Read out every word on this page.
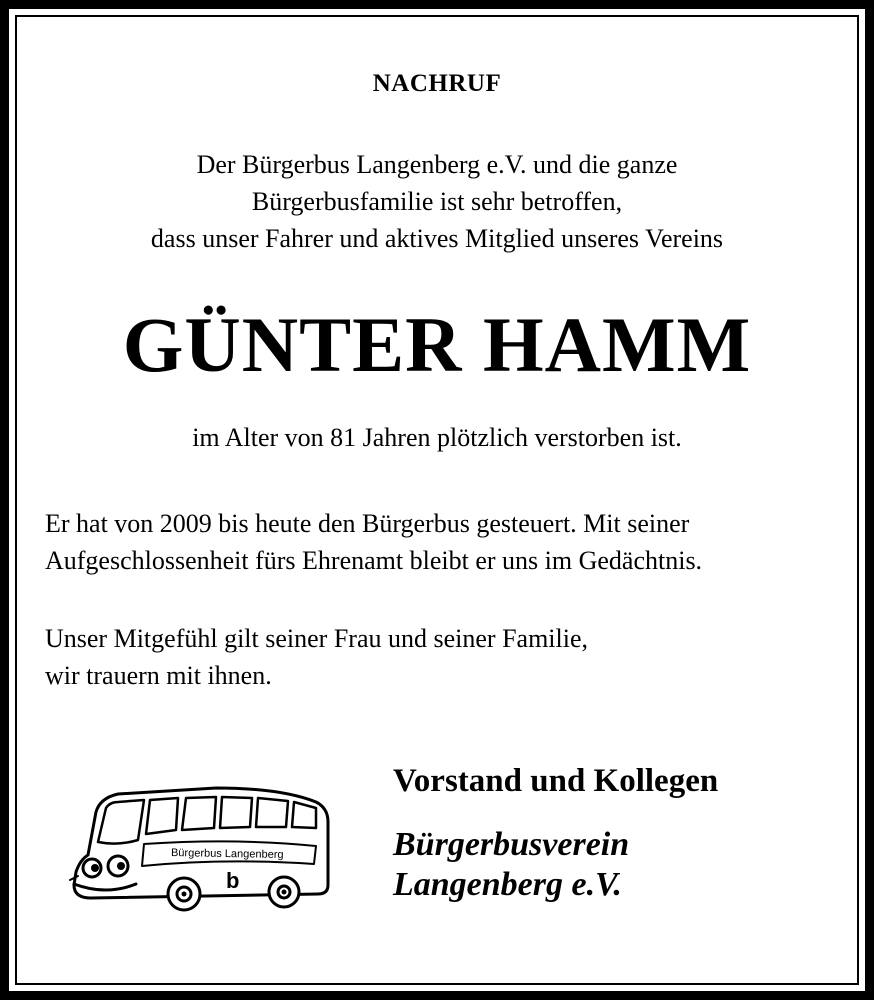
NACHRUF
Der Bürgerbus Langenberg e.V. und die ganze
Bürgerbusfamilie ist sehr betroffen,
dass unser Fahrer und aktives Mitglied unseres Vereins
GÜNTER HAMM
im Alter von 81 Jahren plötzlich verstorben ist.
Er hat von 2009 bis heute den Bürgerbus gesteuert. Mit seiner
Aufgeschlossenheit fürs Ehrenamt bleibt er uns im Gedächtnis.
Unser Mitgefühl gilt seiner Frau und seiner Familie,
wir trauern mit ihnen.
Vorstand und Kollegen
Bürgerbusverein
Langenberg e.V.
Bürgerbus Langenberg
b
